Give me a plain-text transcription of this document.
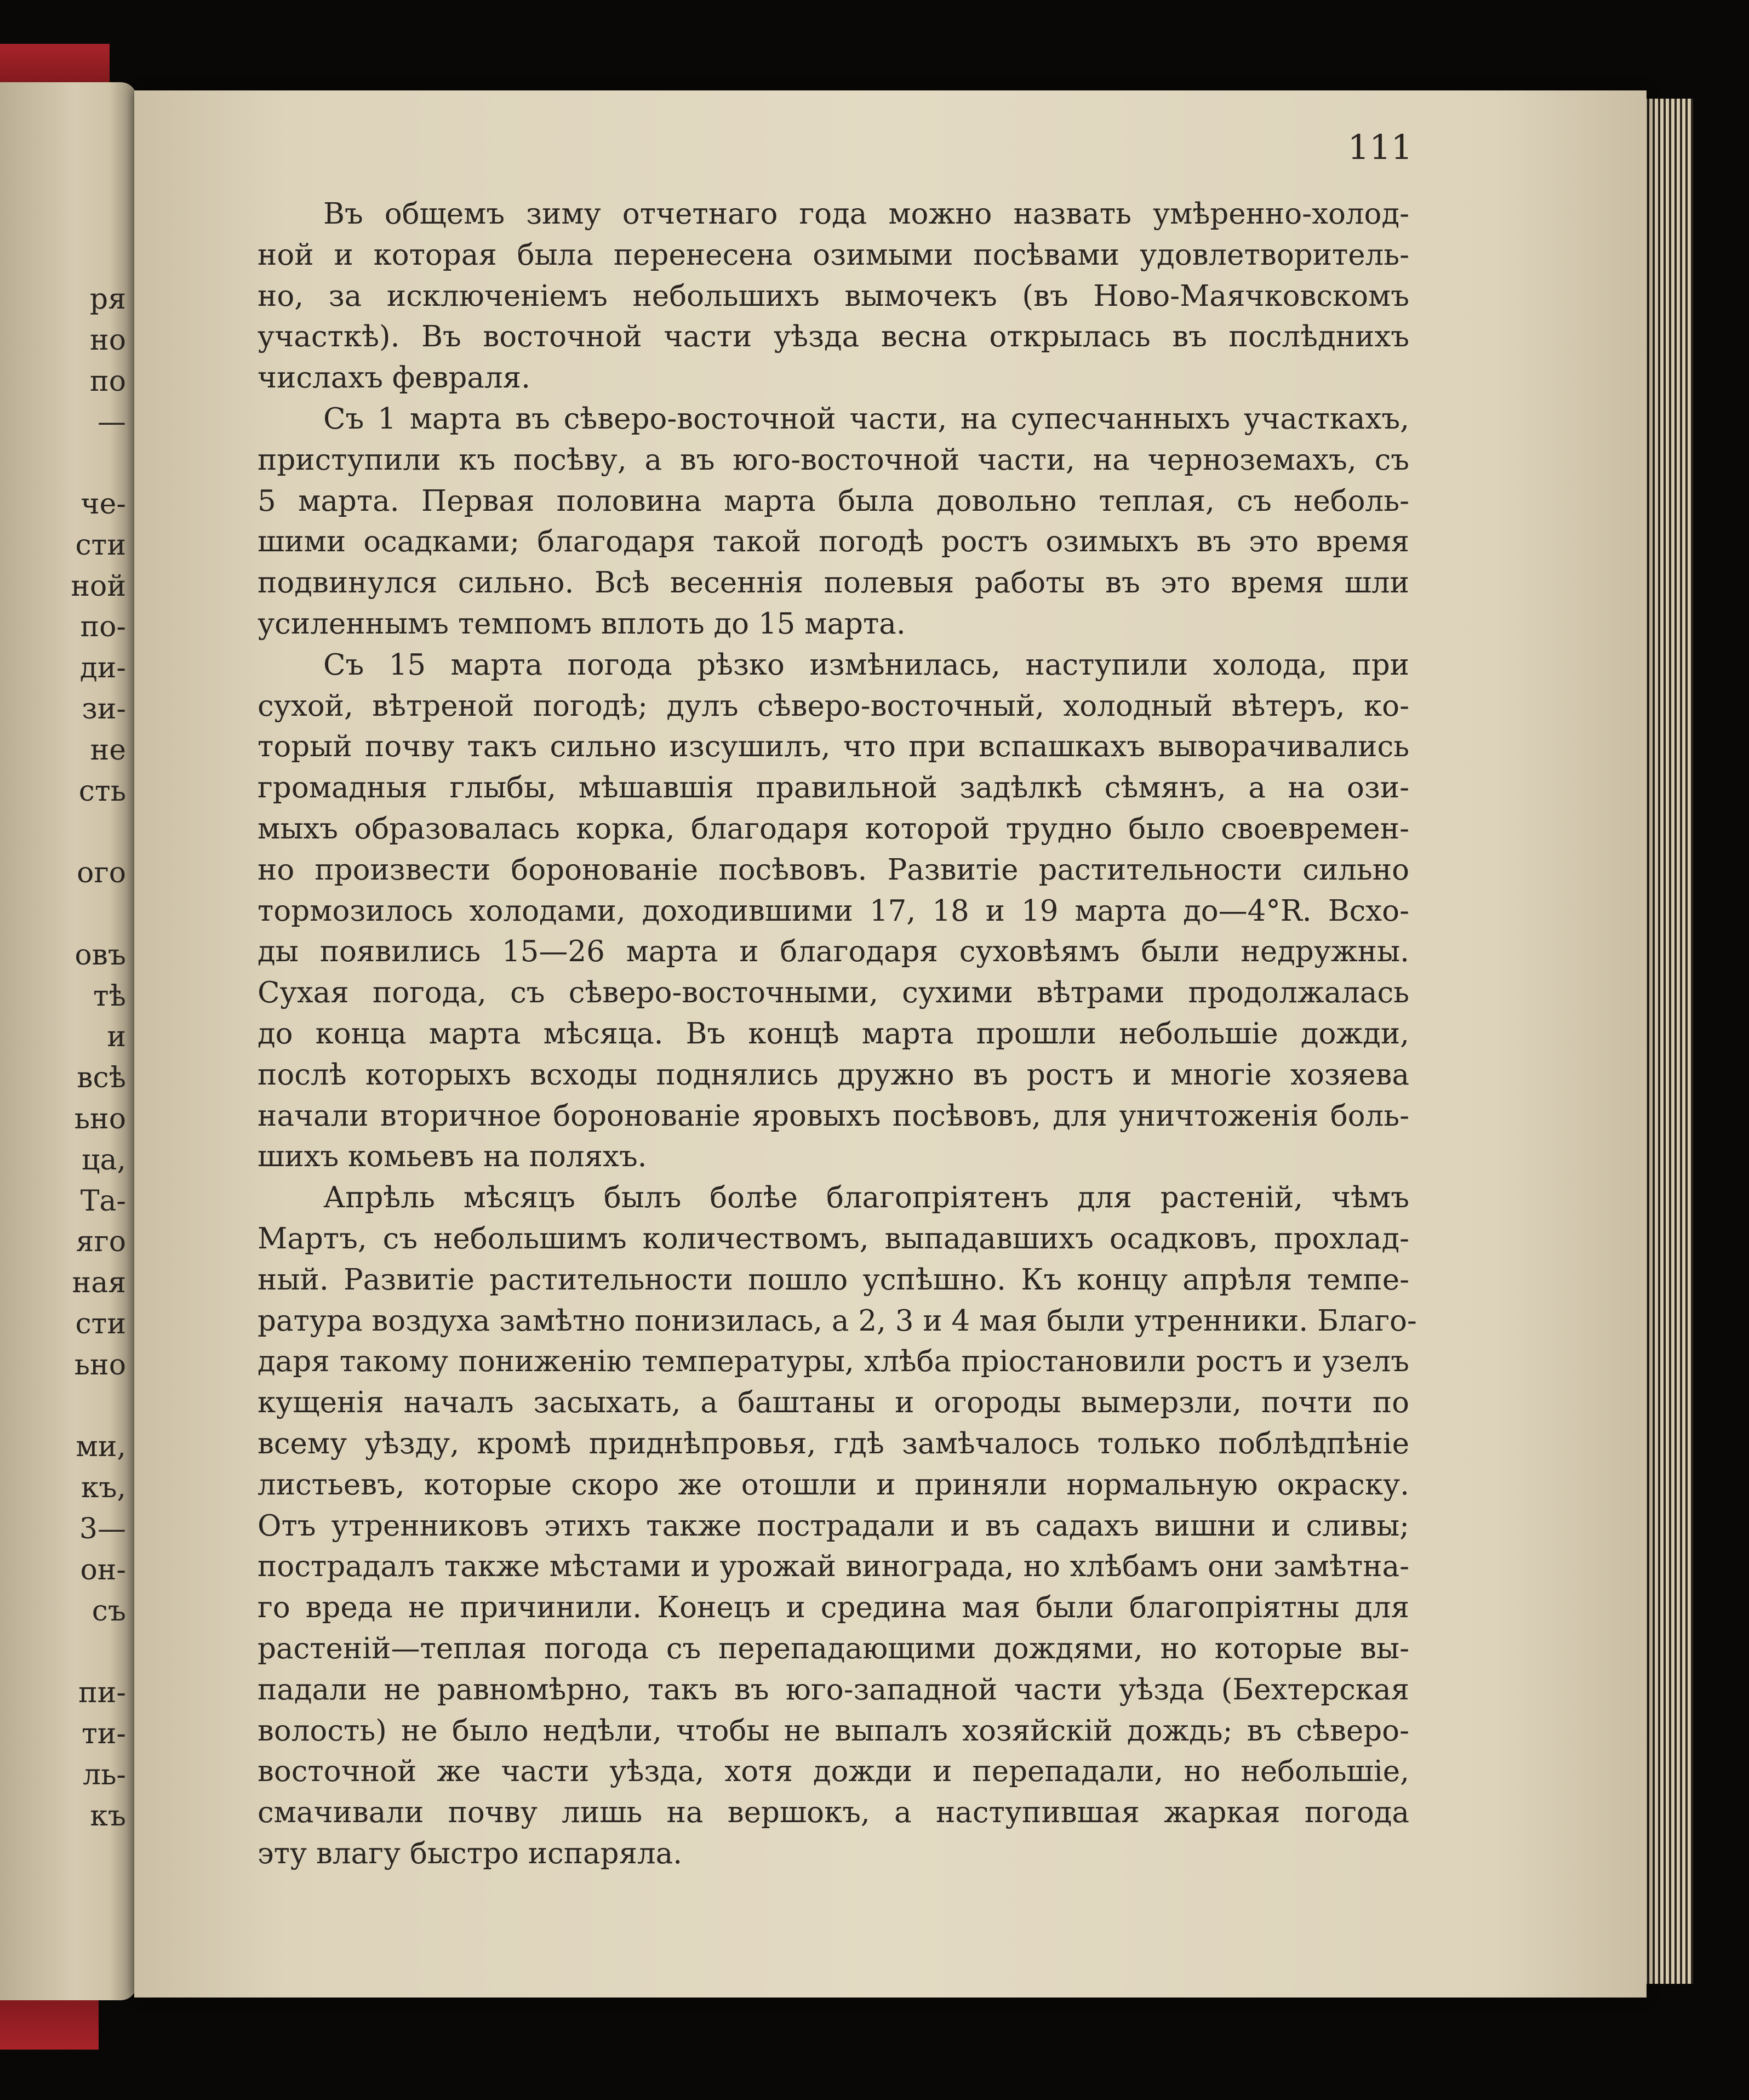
ря
но
по
—
че-
сти
ной
по-
ди-
зи-
не
сть
ого
овъ
тѣ
и
всѣ
ьно
ца,
Та-
яго
ная
сти
ьно
ми,
къ,
3—
он-
съ
пи-
ти-
ль-
къ
111
Въ общемъ зиму отчетнаго года можно назвать умѣренно-холод-
ной и которая была перенесена озимыми посѣвами удовлетворитель-
но, за исключеніемъ небольшихъ вымочекъ (въ Ново-Маячковскомъ
участкѣ). Въ восточной части уѣзда весна открылась въ послѣднихъ
числахъ февраля.
Съ 1 марта въ сѣверо-восточной части, на супесчанныхъ участкахъ,
приступили къ посѣву, а въ юго-восточной части, на черноземахъ, съ
5 марта. Первая половина марта была довольно теплая, съ неболь-
шими осадками; благодаря такой погодѣ ростъ озимыхъ въ это время
подвинулся сильно. Всѣ весеннія полевыя работы въ это время шли
усиленнымъ темпомъ вплоть до 15 марта.
Съ 15 марта погода рѣзко измѣнилась, наступили холода, при
сухой, вѣтреной погодѣ; дулъ сѣверо-восточный, холодный вѣтеръ, ко-
торый почву такъ сильно изсушилъ, что при вспашкахъ выворачивались
громадныя глыбы, мѣшавшія правильной задѣлкѣ сѣмянъ, а на ози-
мыхъ образовалась корка, благодаря которой трудно было своевремен-
но произвести боронованіе посѣвовъ. Развитіе растительности сильно
тормозилось холодами, доходившими 17, 18 и 19 марта до—4°R. Всхо-
ды появились 15—26 марта и благодаря суховѣямъ были недружны.
Сухая погода, съ сѣверо-восточными, сухими вѣтрами продолжалась
до конца марта мѣсяца. Въ концѣ марта прошли небольшіе дожди,
послѣ которыхъ всходы поднялись дружно въ ростъ и многіе хозяева
начали вторичное боронованіе яровыхъ посѣвовъ, для уничтоженія боль-
шихъ комьевъ на поляхъ.
Апрѣль мѣсяцъ былъ болѣе благопріятенъ для растеній, чѣмъ
Мартъ, съ небольшимъ количествомъ, выпадавшихъ осадковъ, прохлад-
ный. Развитіе растительности пошло успѣшно. Къ концу апрѣля темпе-
ратура воздуха замѣтно понизилась, а 2, 3 и 4 мая были утренники. Благо-
даря такому пониженію температуры, хлѣба пріостановили ростъ и узелъ
кущенія началъ засыхать, а баштаны и огороды вымерзли, почти по
всему уѣзду, кромѣ приднѣпровья, гдѣ замѣчалось только поблѣдпѣніе
листьевъ, которые скоро же отошли и приняли нормальную окраску.
Отъ утренниковъ этихъ также пострадали и въ садахъ вишни и сливы;
пострадалъ также мѣстами и урожай винограда, но хлѣбамъ они замѣтна-
го вреда не причинили. Конецъ и средина мая были благопріятны для
растеній—теплая погода съ перепадающими дождями, но которые вы-
падали не равномѣрно, такъ въ юго-западной части уѣзда (Бехтерская
волость) не было недѣли, чтобы не выпалъ хозяйскій дождь; въ сѣверо-
восточной же части уѣзда, хотя дожди и перепадали, но небольшіе,
смачивали почву лишь на вершокъ, а наступившая жаркая погода
эту влагу быстро испаряла.
